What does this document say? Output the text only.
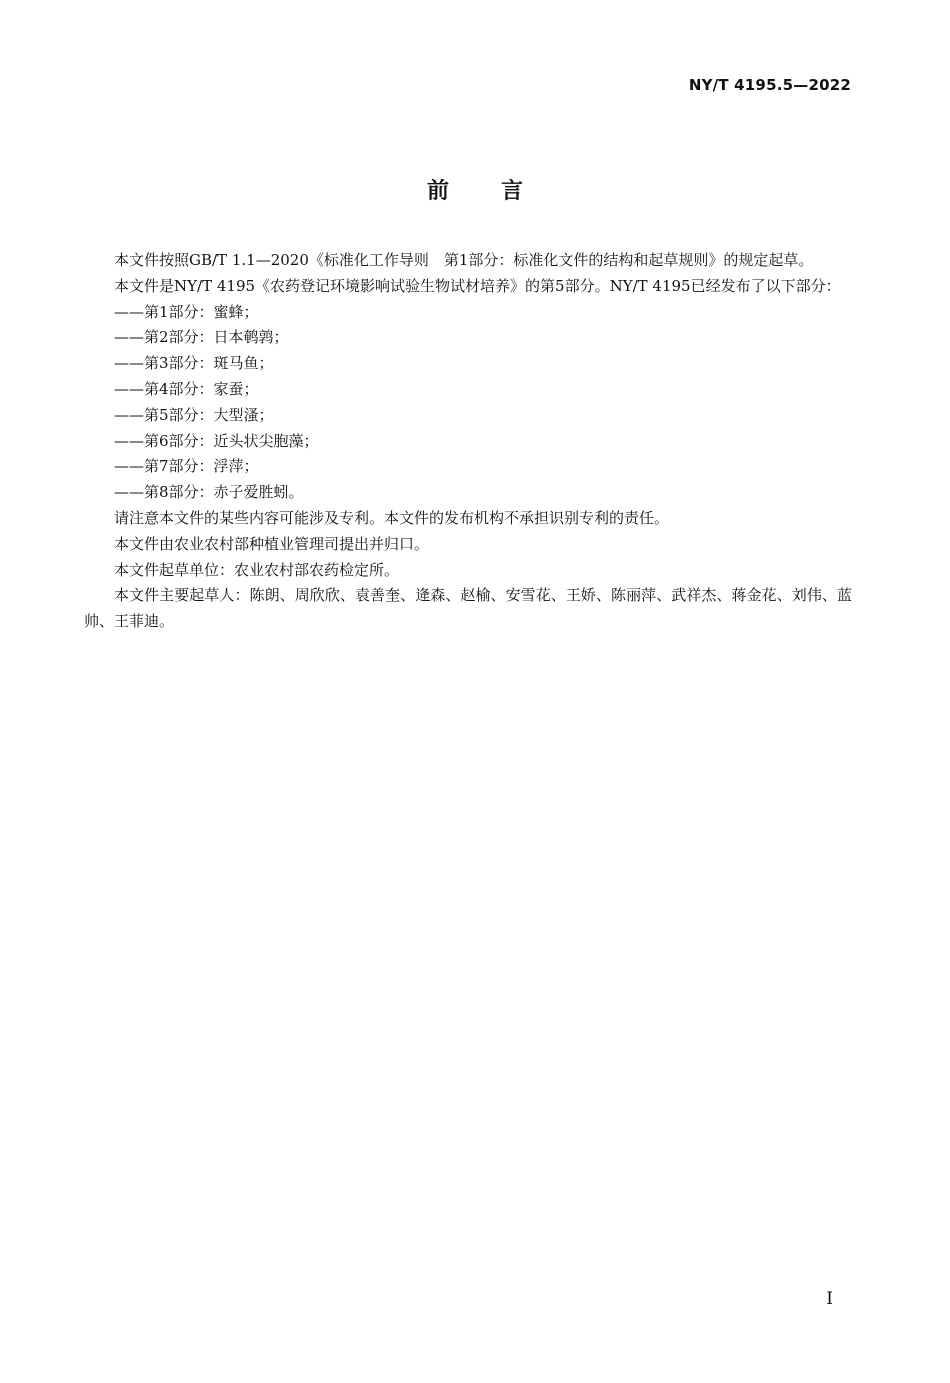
NY/T 4195.5—2022
前言

本文件按照GB/T 1.1—2020《标准化工作导则　第1部分：标准化文件的结构和起草规则》的规定起草。

本文件是NY/T 4195《农药登记环境影响试验生物试材培养》的第5部分。NY/T 4195已经发布了以下部分：

——第1部分：蜜蜂；
——第2部分：日本鹌鹑；
——第3部分：斑马鱼；
——第4部分：家蚕；
——第5部分：大型溞；
——第6部分：近头状尖胞藻；
——第7部分：浮萍；
——第8部分：赤子爱胜蚓。

请注意本文件的某些内容可能涉及专利。本文件的发布机构不承担识别专利的责任。

本文件由农业农村部种植业管理司提出并归口。

本文件起草单位：农业农村部农药检定所。

本文件主要起草人：陈朗、周欣欣、袁善奎、逄森、赵榆、安雪花、王娇、陈丽萍、武祥杰、蒋金花、刘伟、蓝帅、王菲迪。

I
